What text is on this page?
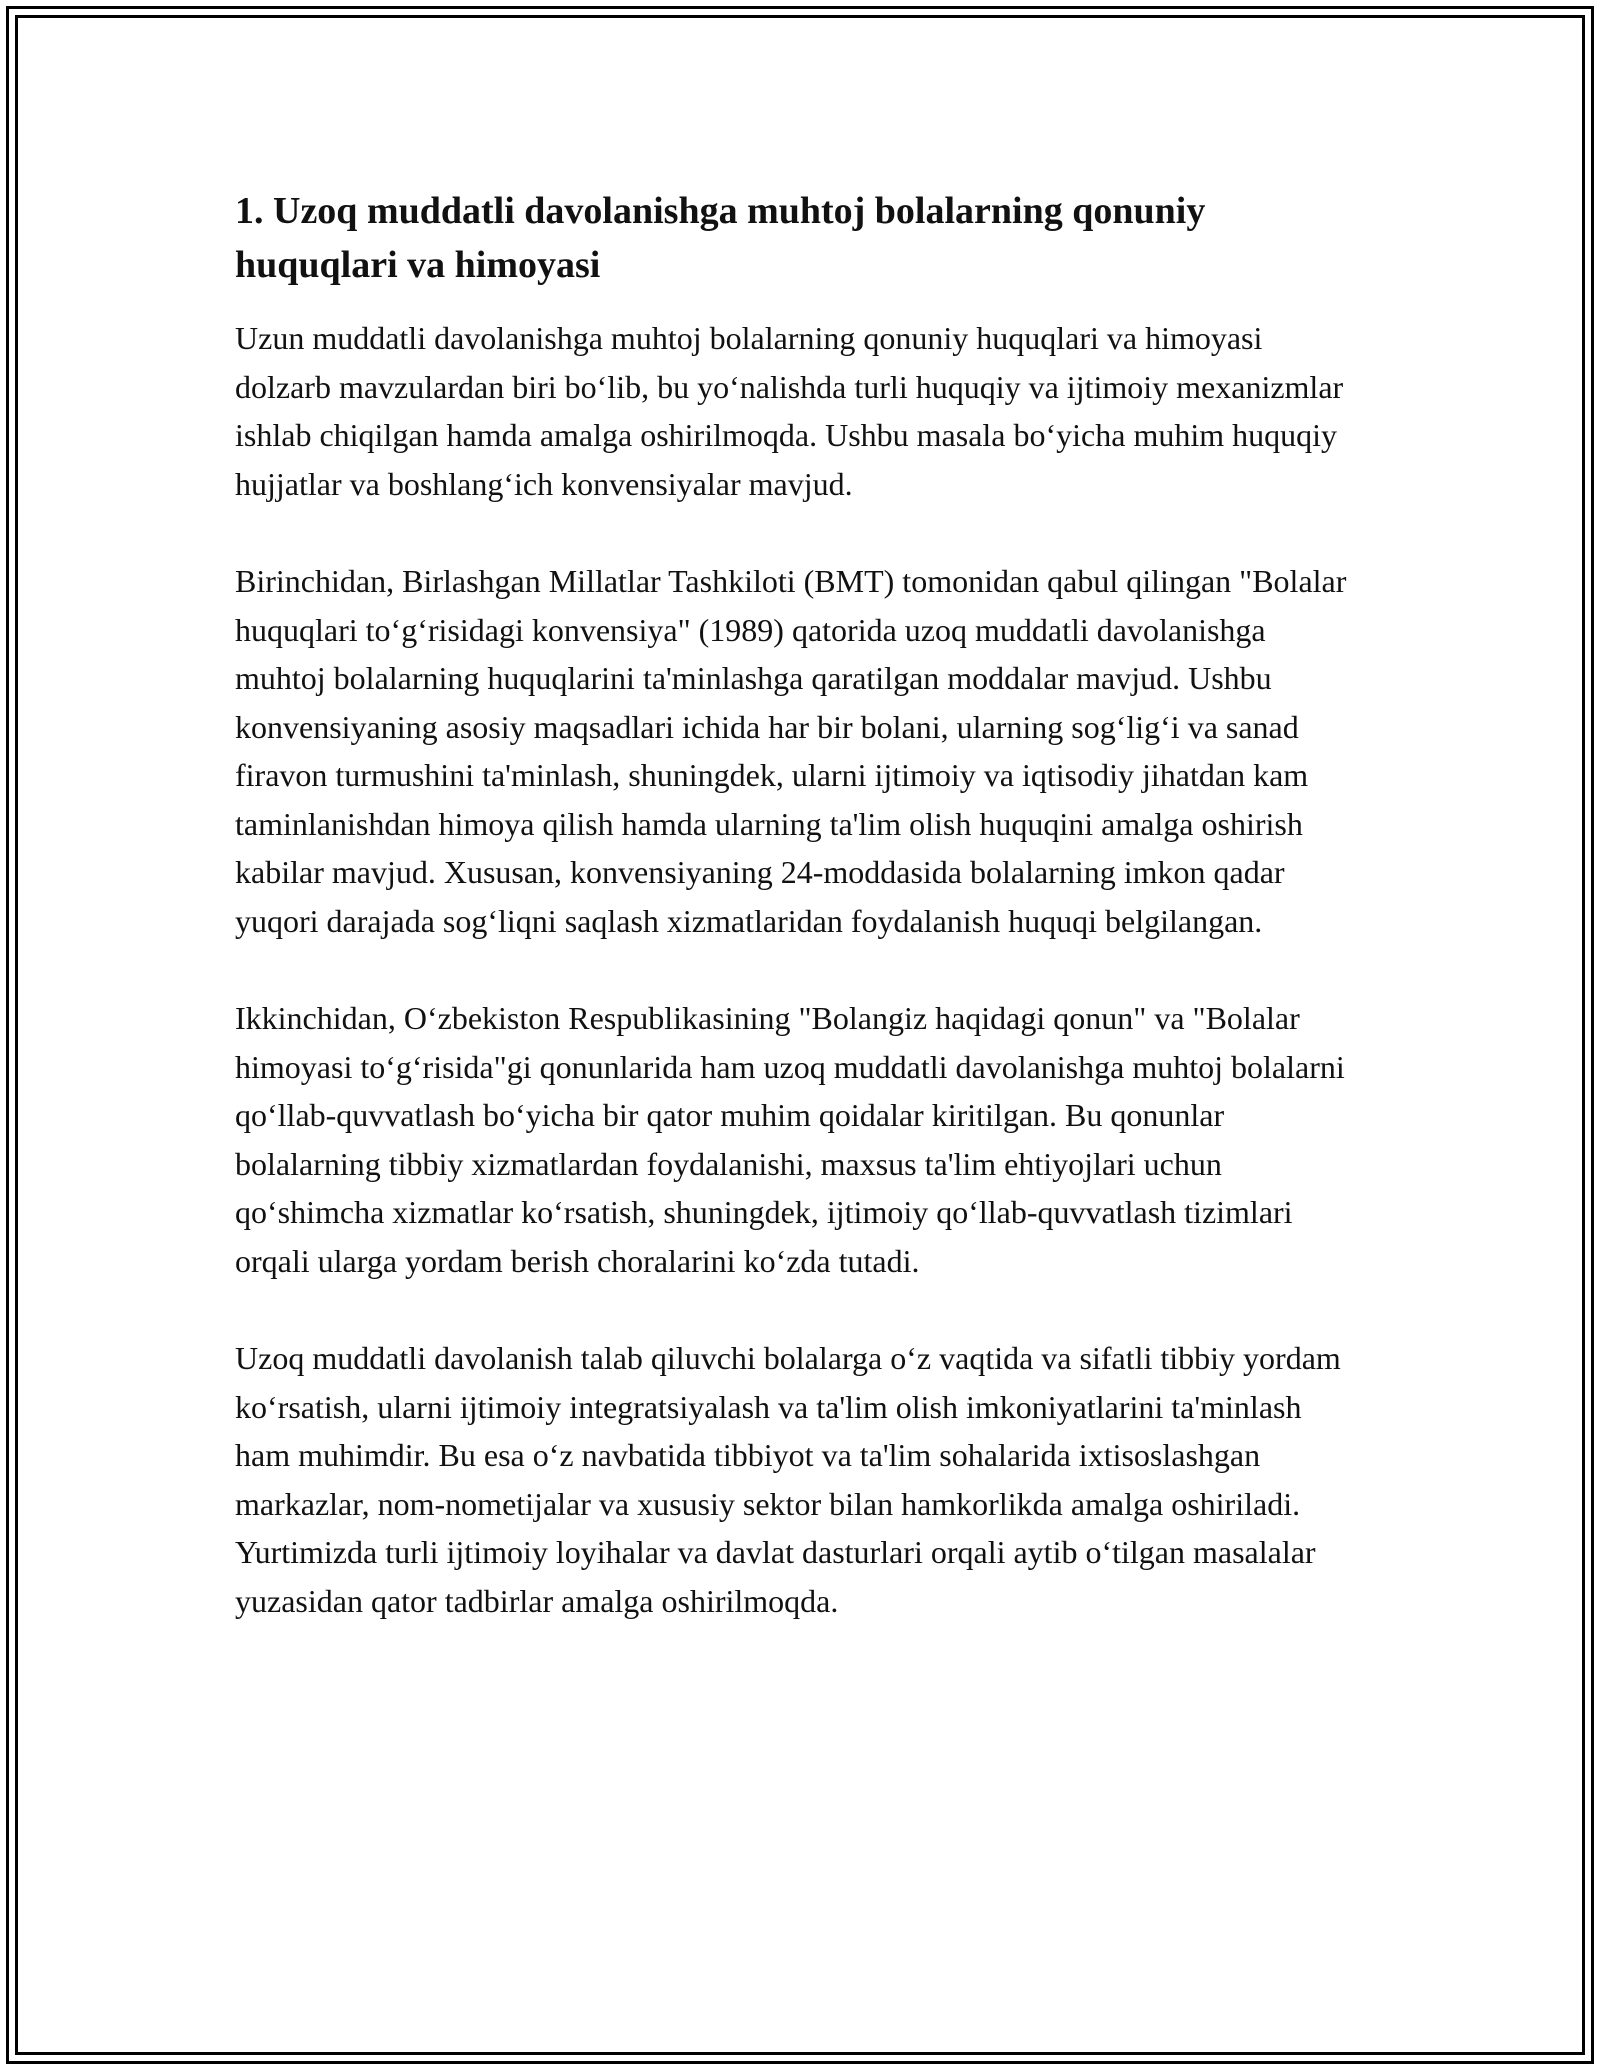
1. Uzoq muddatli davolanishga muhtoj bolalarning qonuniy huquqlari va himoyasi

Uzun muddatli davolanishga muhtoj bolalarning qonuniy huquqlari va himoyasi dolzarb mavzulardan biri bo‘lib, bu yo‘nalishda turli huquqiy va ijtimoiy mexanizmlar ishlab chiqilgan hamda amalga oshirilmoqda. Ushbu masala bo‘yicha muhim huquqiy hujjatlar va boshlang‘ich konvensiyalar mavjud.

Birinchidan, Birlashgan Millatlar Tashkiloti (BMT) tomonidan qabul qilingan "Bolalar huquqlari to‘g‘risidagi konvensiya" (1989) qatorida uzoq muddatli davolanishga muhtoj bolalarning huquqlarini ta'minlashga qaratilgan moddalar mavjud. Ushbu konvensiyaning asosiy maqsadlari ichida har bir bolani, ularning sog‘lig‘i va sanad firavon turmushini ta'minlash, shuningdek, ularni ijtimoiy va iqtisodiy jihatdan kam taminlanishdan himoya qilish hamda ularning ta'lim olish huquqini amalga oshirish kabilar mavjud. Xususan, konvensiyaning 24-moddasida bolalarning imkon qadar yuqori darajada sog‘liqni saqlash xizmatlaridan foydalanish huquqi belgilangan.

Ikkinchidan, O‘zbekiston Respublikasining "Bolangiz haqidagi qonun" va "Bolalar himoyasi to‘g‘risida"gi qonunlarida ham uzoq muddatli davolanishga muhtoj bolalarni qo‘llab-quvvatlash bo‘yicha bir qator muhim qoidalar kiritilgan. Bu qonunlar bolalarning tibbiy xizmatlardan foydalanishi, maxsus ta'lim ehtiyojlari uchun qo‘shimcha xizmatlar ko‘rsatish, shuningdek, ijtimoiy qo‘llab-quvvatlash tizimlari orqali ularga yordam berish choralarini ko‘zda tutadi.

Uzoq muddatli davolanish talab qiluvchi bolalarga o‘z vaqtida va sifatli tibbiy yordam ko‘rsatish, ularni ijtimoiy integratsiyalash va ta'lim olish imkoniyatlarini ta'minlash ham muhimdir. Bu esa o‘z navbatida tibbiyot va ta'lim sohalarida ixtisoslashgan markazlar, nom-nometijalar va xususiy sektor bilan hamkorlikda amalga oshiriladi. Yurtimizda turli ijtimoiy loyihalar va davlat dasturlari orqali aytib o‘tilgan masalalar yuzasidan qator tadbirlar amalga oshirilmoqda.
